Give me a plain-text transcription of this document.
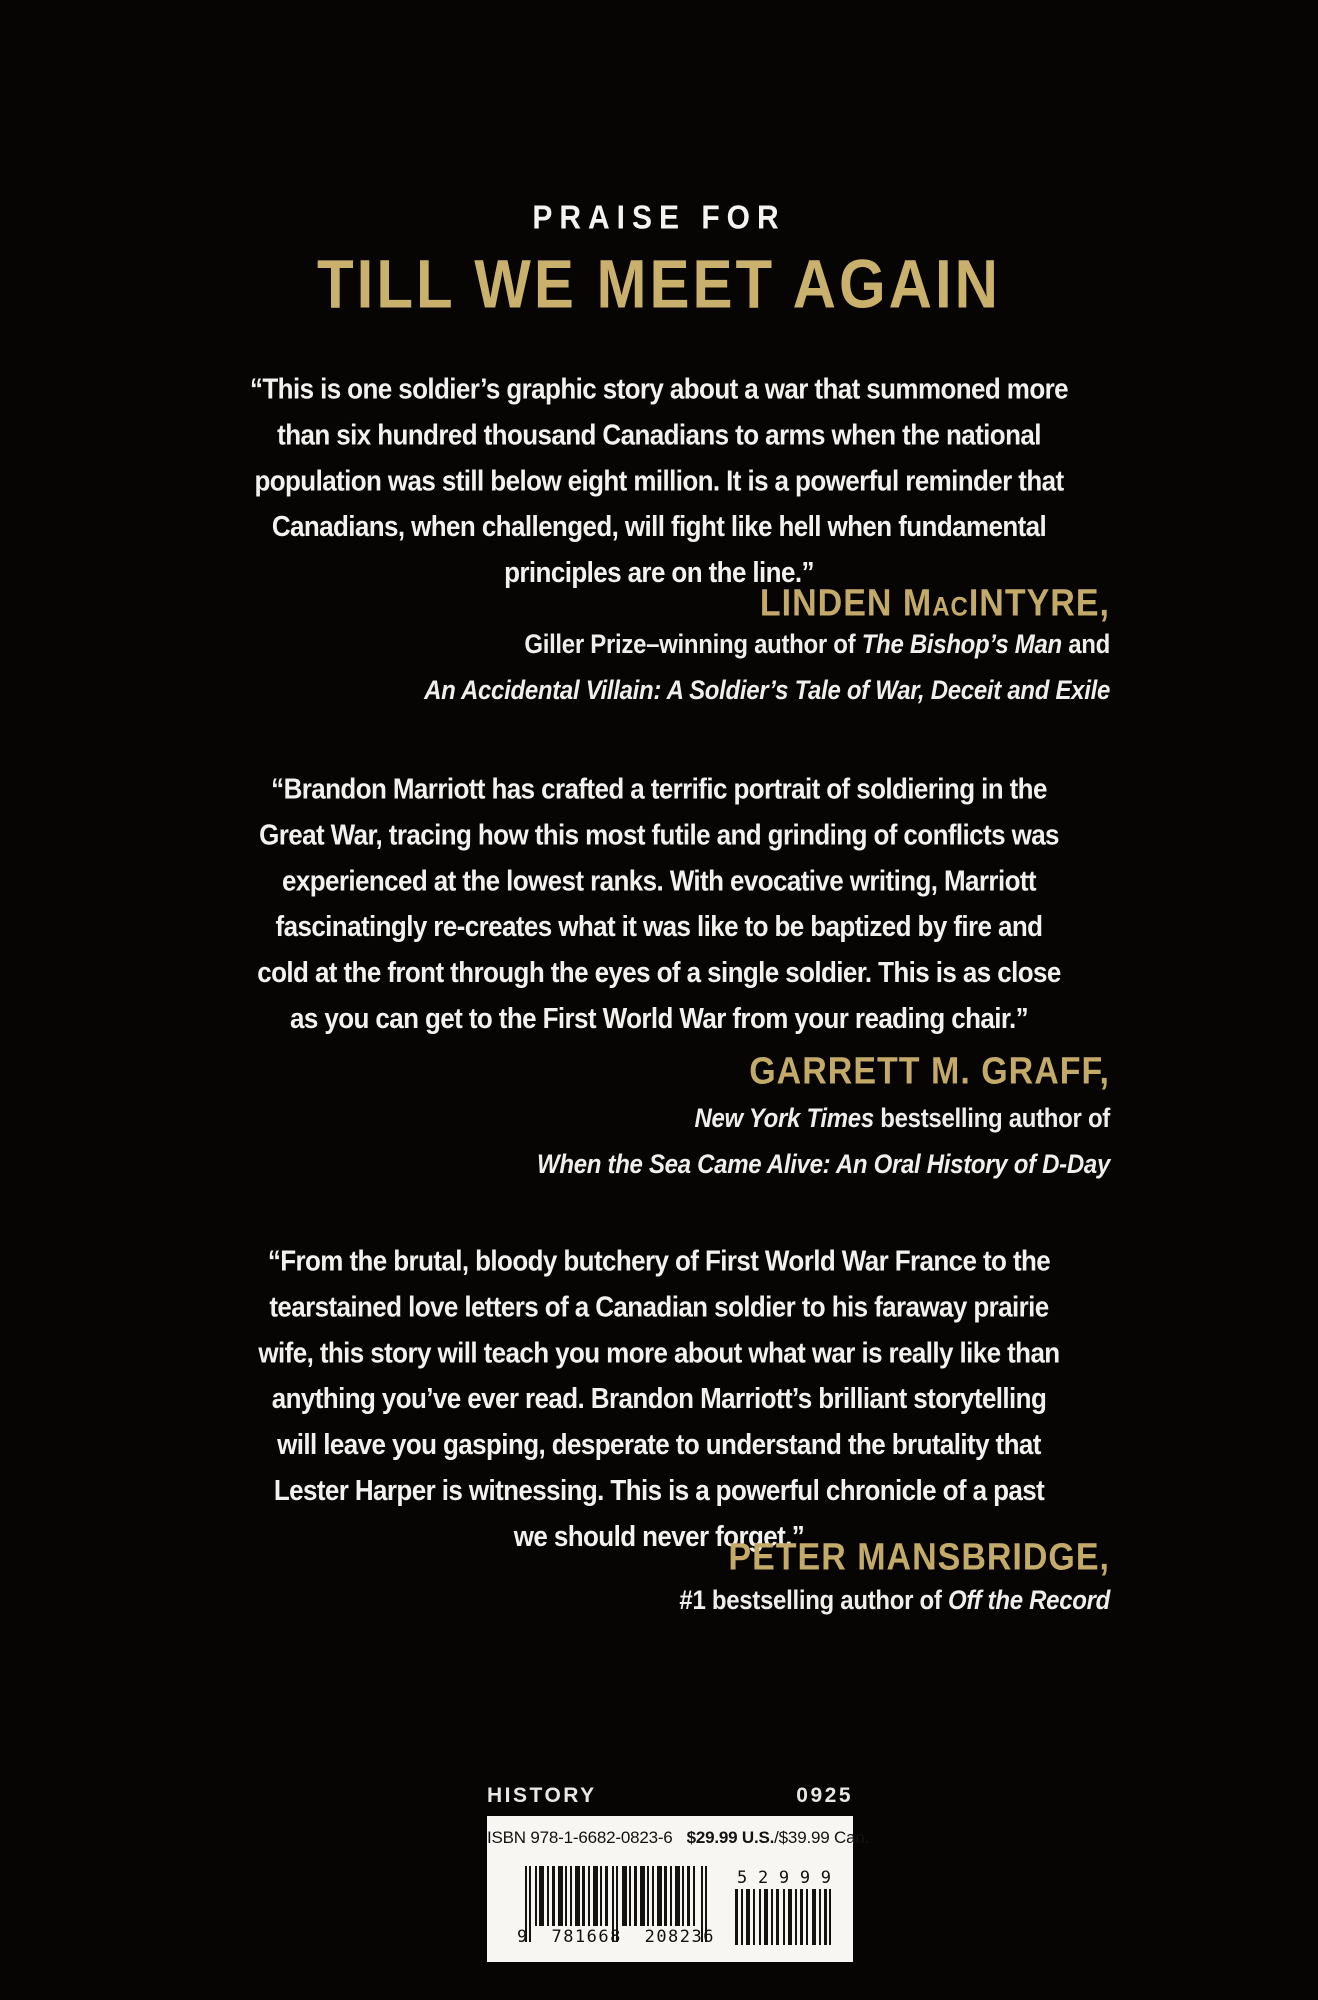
PRAISE FOR
TILL WE MEET AGAIN
“This is one soldier’s graphic story about a war that summoned more
than six hundred thousand Canadians to arms when the national
population was still below eight million. It is a powerful reminder that
Canadians, when challenged, will fight like hell when fundamental
principles are on the line.”
LINDEN MacINTYRE,
Giller Prize–winning author of The Bishop’s Man and
An Accidental Villain: A Soldier’s Tale of War, Deceit and Exile
“Brandon Marriott has crafted a terrific portrait of soldiering in the
Great War, tracing how this most futile and grinding of conflicts was
experienced at the lowest ranks. With evocative writing, Marriott
fascinatingly re-creates what it was like to be baptized by fire and
cold at the front through the eyes of a single soldier. This is as close
as you can get to the First World War from your reading chair.”
GARRETT M. GRAFF,
New York Times bestselling author of
When the Sea Came Alive: An Oral History of D-Day
“From the brutal, bloody butchery of First World War France to the
tearstained love letters of a Canadian soldier to his faraway prairie
wife, this story will teach you more about what war is really like than
anything you’ve ever read. Brandon Marriott’s brilliant storytelling
will leave you gasping, desperate to understand the brutality that
Lester Harper is witnessing. This is a powerful chronicle of a past
we should never forget.”
PETER MANSBRIDGE,
#1 bestselling author of Off the Record
HISTORY	0925
ISBN 978-1-6682-0823-6 $29.99 U.S./$39.99 Can.
9 781668 208236
5 2 9 9 9
